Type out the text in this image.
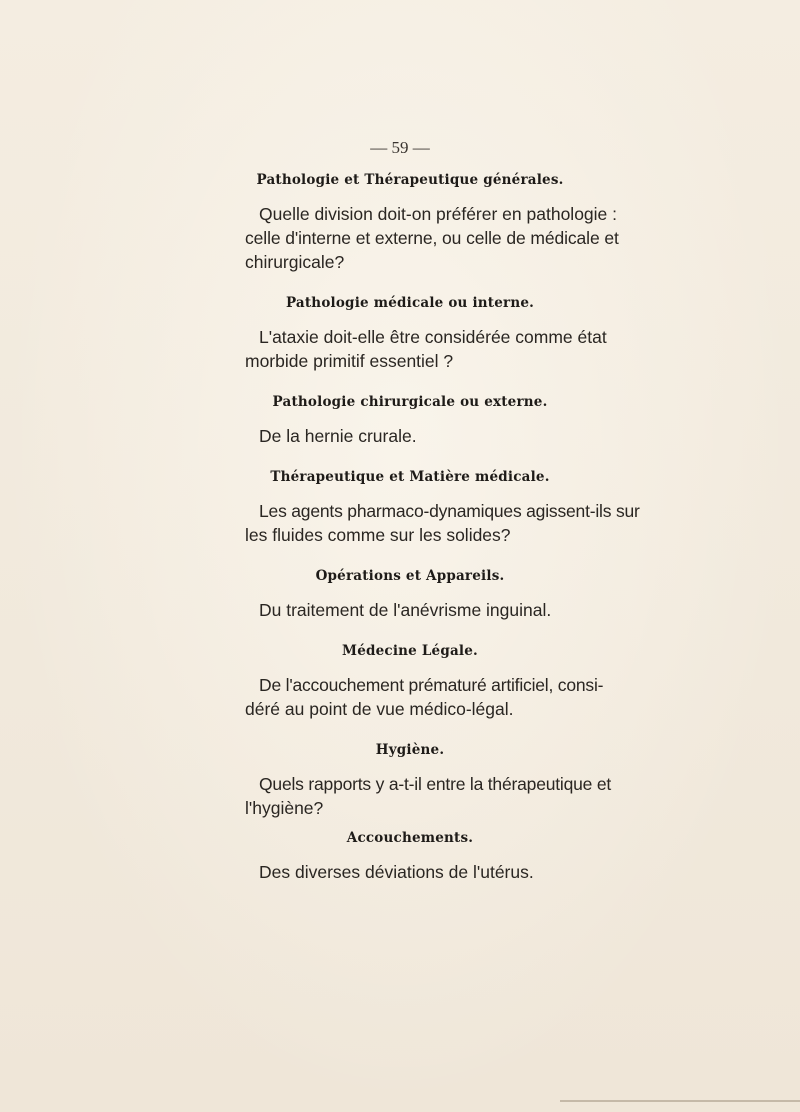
— 59 —

Pathologie et Thérapeutique générales.

Quelle division doit-on préférer en pathologie :

celle d'interne et externe, ou celle de médicale et

chirurgicale?

Pathologie médicale ou interne.

L'ataxie doit-elle être considérée comme état

morbide primitif essentiel ?

Pathologie chirurgicale ou externe.

De la hernie crurale.

Thérapeutique et Matière médicale.

Les agents pharmaco-dynamiques agissent-ils sur

les fluides comme sur les solides?

Opérations et Appareils.

Du traitement de l'anévrisme inguinal.

Médecine Légale.

De l'accouchement prématuré artificiel, consi-

déré au point de vue médico-légal.

Hygiène.

Quels rapports y a-t-il entre la thérapeutique et

l'hygiène?

Accouchements.

Des diverses déviations de l'utérus.
